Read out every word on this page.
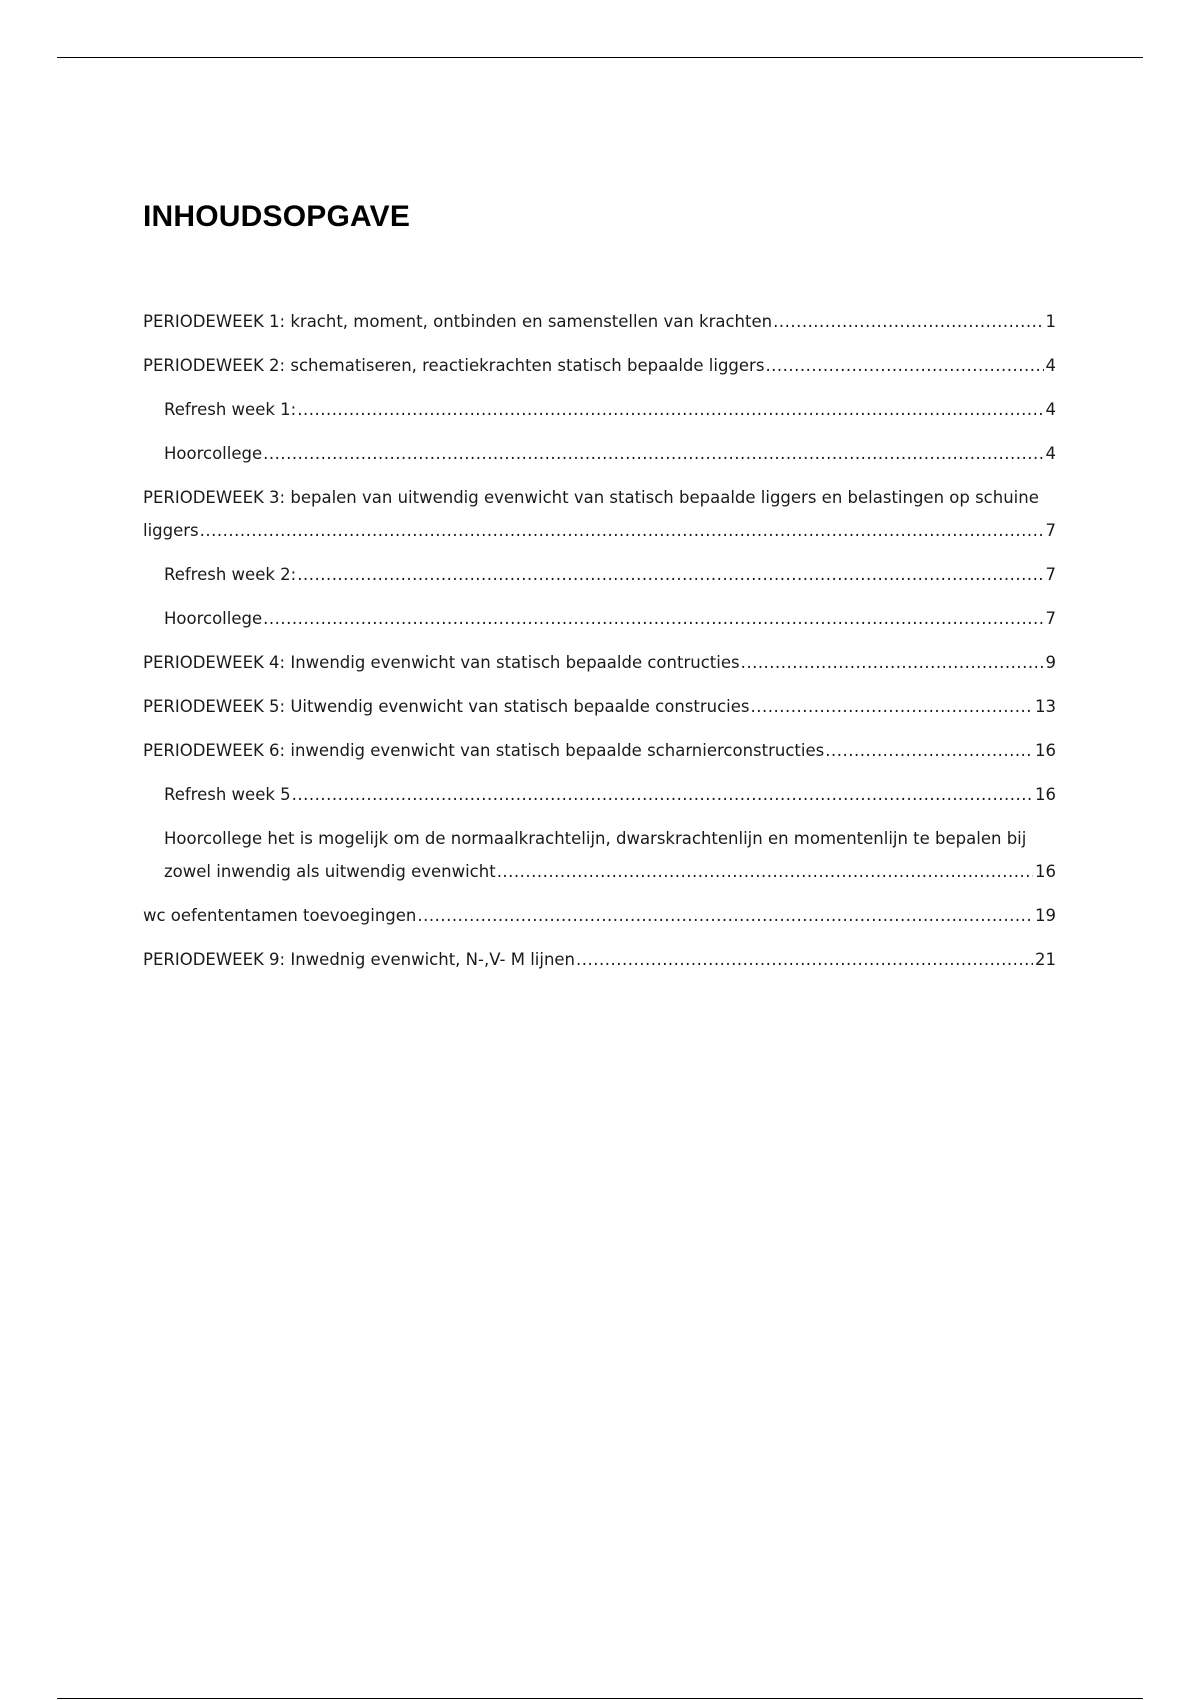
INHOUDSOPGAVE
PERIODEWEEK 1: kracht, moment, ontbinden en samenstellen van krachten .....	1
PERIODEWEEK 2: schematiseren, reactiekrachten statisch bepaalde liggers .....	4
Refresh week 1: .....	4
Hoorcollege .....	4
PERIODEWEEK 3: bepalen van uitwendig evenwicht van statisch bepaalde liggers en belastingen op schuine liggers .....	7
Refresh week 2: .....	7
Hoorcollege .....	7
PERIODEWEEK 4: Inwendig evenwicht van statisch bepaalde contructies .....	9
PERIODEWEEK 5: Uitwendig evenwicht van statisch bepaalde construcies .....	13
PERIODEWEEK 6: inwendig evenwicht van statisch bepaalde scharnierconstructies .....	16
Refresh week 5 .....	16
Hoorcollege het is mogelijk om de normaalkrachtelijn, dwarskrachtenlijn en momentenlijn te bepalen bij zowel inwendig als uitwendig evenwicht .....	16
wc oefententamen toevoegingen .....	19
PERIODEWEEK 9: Inwednig evenwicht, N-,V- M lijnen .....	21
